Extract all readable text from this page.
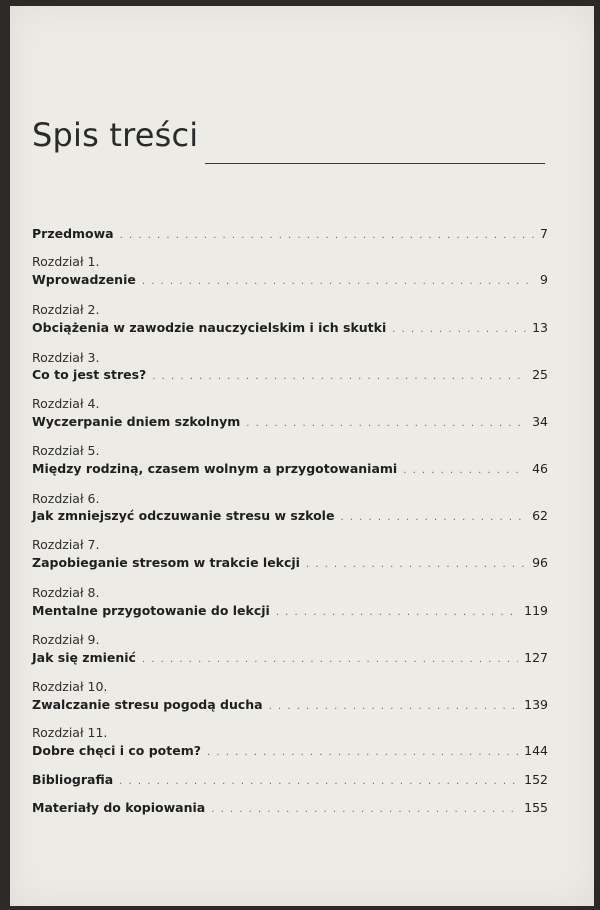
Spis treści
Przedmowa . . .	7
Rozdział 1.
Wprowadzenie . . .	9
Rozdział 2.
Obciążenia w zawodzie nauczycielskim i ich skutki . . .	13
Rozdział 3.
Co to jest stres? . . .	25
Rozdział 4.
Wyczerpanie dniem szkolnym . . .	34
Rozdział 5.
Między rodziną, czasem wolnym a przygotowaniami . . .	46
Rozdział 6.
Jak zmniejszyć odczuwanie stresu w szkole . . .	62
Rozdział 7.
Zapobieganie stresom w trakcie lekcji . . .	96
Rozdział 8.
Mentalne przygotowanie do lekcji . . .	119
Rozdział 9.
Jak się zmienić . . .	127
Rozdział 10.
Zwalczanie stresu pogodą ducha . . .	139
Rozdział 11.
Dobre chęci i co potem? . . .	144
Bibliografia . . .	152
Materiały do kopiowania . . .	155
